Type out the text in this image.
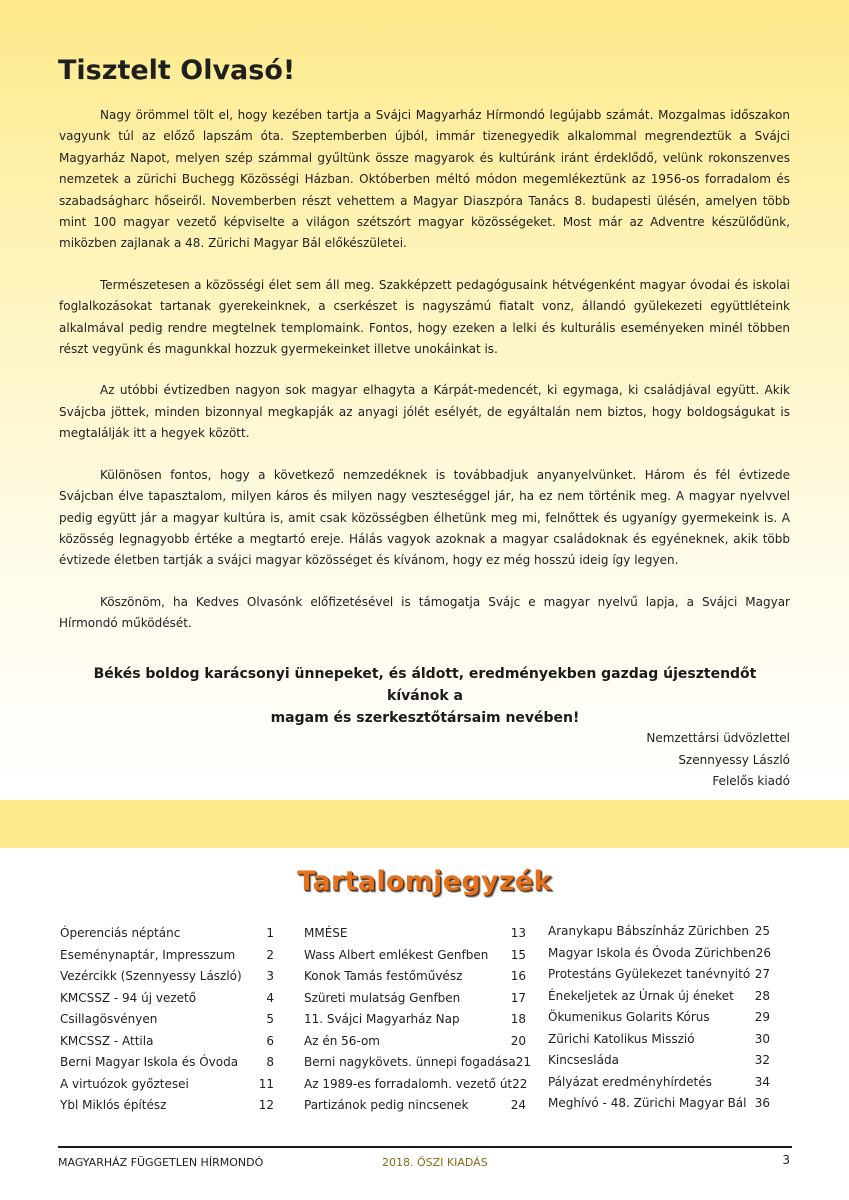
Tisztelt Olvasó!

Nagy örömmel tölt el, hogy kezében tartja a Svájci Magyarház Hírmondó legújabb számát. Mozgalmas időszakon vagyunk túl az előző lapszám óta. Szeptemberben újból, immár tizenegyedik alkalommal megrendeztük a Svájci Magyarház Napot, melyen szép számmal gyűltünk össze magyarok és kultúránk iránt érdeklődő, velünk rokonszenves nemzetek a zürichi Buchegg Közösségi Házban. Októberben méltó módon megemlékeztünk az 1956-os forradalom és szabadságharc hőseiről. Novemberben részt vehettem a Magyar Diaszpóra Tanács 8. budapesti ülésén, amelyen több mint 100 magyar vezető képviselte a világon szétszórt magyar közösségeket. Most már az Adventre készülődünk, miközben zajlanak a 48. Zürichi Magyar Bál előkészületei.

Természetesen a közösségi élet sem áll meg. Szakképzett pedagógusaink hétvégenként magyar óvodai és iskolai foglalkozásokat tartanak gyerekeinknek, a cserkészet is nagyszámú fiatalt vonz, állandó gyülekezeti együttléteink alkalmával pedig rendre megtelnek templomaink. Fontos, hogy ezeken a lelki és kulturális eseményeken minél többen részt vegyünk és magunkkal hozzuk gyermekeinket illetve unokáinkat is.

Az utóbbi évtizedben nagyon sok magyar elhagyta a Kárpát-medencét, ki egymaga, ki családjával együtt. Akik Svájcba jöttek, minden bizonnyal megkapják az anyagi jólét esélyét, de egyáltalán nem biztos, hogy boldogságukat is megtalálják itt a hegyek között.

Különösen fontos, hogy a következő nemzedéknek is továbbadjuk anyanyelvünket. Három és fél évtizede Svájcban élve tapasztalom, milyen káros és milyen nagy veszteséggel jár, ha ez nem történik meg. A magyar nyelvvel pedig együtt jár a magyar kultúra is, amit csak közösségben élhetünk meg mi, felnőttek és ugyanígy gyermekeink is. A közösség legnagyobb értéke a megtartó ereje. Hálás vagyok azoknak a magyar családoknak és egyéneknek, akik több évtizede életben tartják a svájci magyar közösséget és kívánom, hogy ez még hosszú ideig így legyen.

Köszönöm, ha Kedves Olvasónk előfizetésével is támogatja Svájc e magyar nyelvű lapja, a Svájci Magyar Hírmondó működését.

Békés boldog karácsonyi ünnepeket, és áldott, eredményekben gazdag újesztendőt kívánok a
magam és szerkesztőtársaim nevében!
Nemzettársi üdvözlettel
Szennyessy László
Felelős kiadó
Tartalomjegyzék
Óperenciás néptánc	1
Eseménynaptár, Impresszum	2
Vezércikk (Szennyessy László) 3
KMCSSZ - 94 új vezető	4
Csillagösvényen	5
KMCSSZ - Attila	6
Berni Magyar Iskola és Óvoda 8
A virtuózok győztesei	11
Ybl Miklós építész	12
MMÉSE	13
Wass Albert emlékest Genfben 15
Konok Tamás festőművész	16
Szüreti mulatság Genfben	17
11. Svájci Magyarház Nap	18
Az én 56-om	20
Berni nagykövets. ünnepi fogadása 21
Az 1989-es forradalomh. vezető út 22
Partizánok pedig nincsenek	24
Aranykapu Bábszínház Zürichben 25
Magyar Iskola és Óvoda Zürichben 26
Protestáns Gyülekezet tanévnyitó 27
Énekeljetek az Úrnak új éneket 28
Ökumenikus Golarits Kórus	29
Zürichi Katolikus Misszió	30
Kincsesláda	32
Pályázat eredményhírdetés	34
Meghívó - 48. Zürichi Magyar Bál 36
MAGYARHÁZ FÜGGETLEN HÍRMONDÓ	2018. ŐSZI KIADÁS	3
